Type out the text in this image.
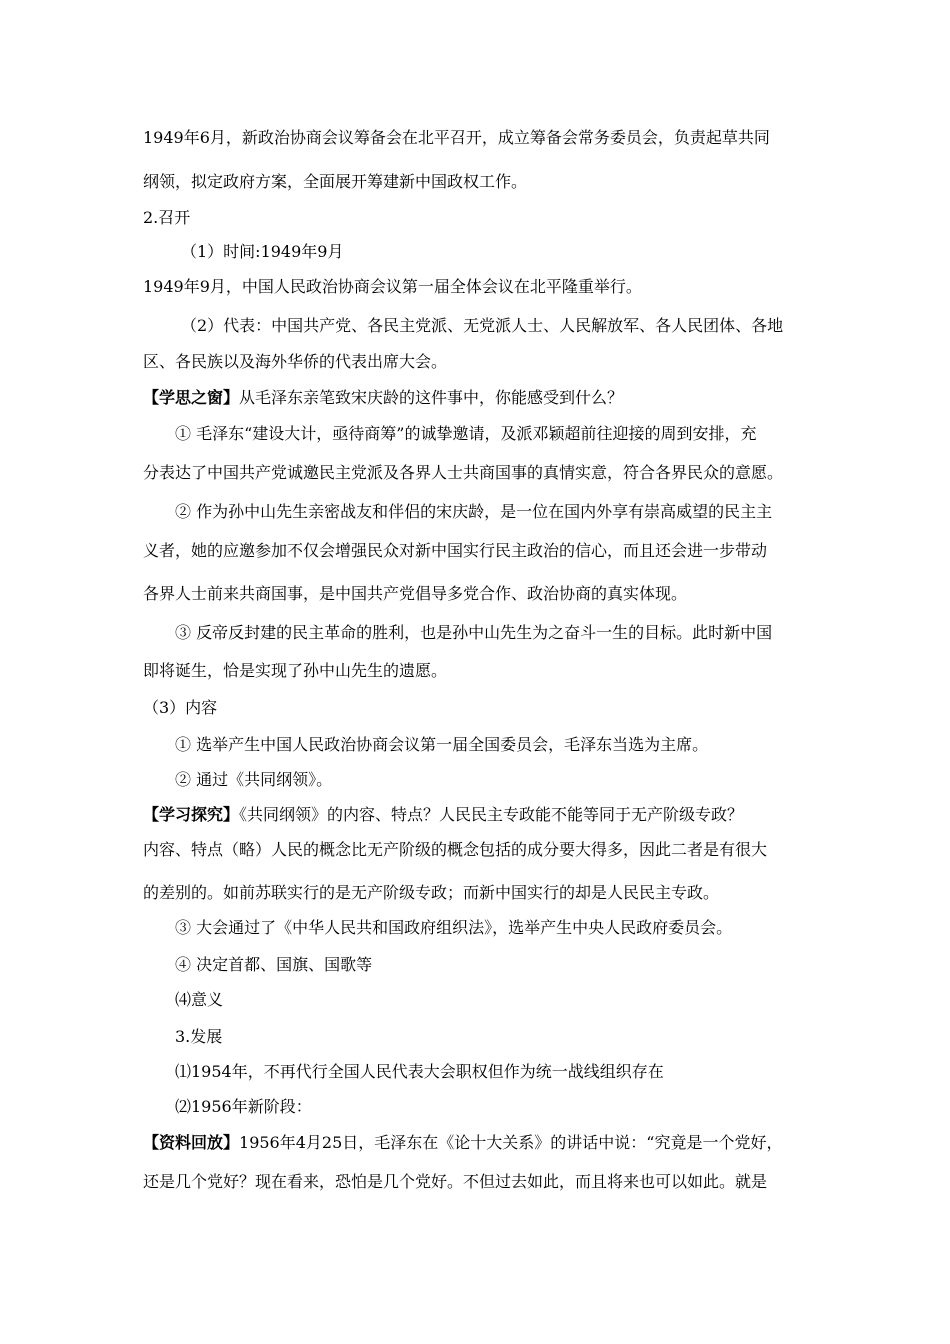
1949年6月，新政治协商会议筹备会在北平召开，成立筹备会常务委员会，负责起草共同
纲领，拟定政府方案，全面展开筹建新中国政权工作。
2.召开
（1）时间:1949年9月
1949年9月，中国人民政治协商会议第一届全体会议在北平隆重举行。
（2）代表：中国共产党、各民主党派、无党派人士、人民解放军、各人民团体、各地
区、各民族以及海外华侨的代表出席大会。
【学思之窗】从毛泽东亲笔致宋庆龄的这件事中，你能感受到什么？
① 毛泽东“建设大计，亟待商筹”的诚挚邀请，及派邓颖超前往迎接的周到安排，充
分表达了中国共产党诚邀民主党派及各界人士共商国事的真情实意，符合各界民众的意愿。
② 作为孙中山先生亲密战友和伴侣的宋庆龄，是一位在国内外享有崇高威望的民主主
义者，她的应邀参加不仅会增强民众对新中国实行民主政治的信心，而且还会进一步带动
各界人士前来共商国事，是中国共产党倡导多党合作、政治协商的真实体现。
③ 反帝反封建的民主革命的胜利，也是孙中山先生为之奋斗一生的目标。此时新中国
即将诞生，恰是实现了孙中山先生的遗愿。
（3）内容
① 选举产生中国人民政治协商会议第一届全国委员会，毛泽东当选为主席。
② 通过《共同纲领》。
【学习探究】《共同纲领》的内容、特点？人民民主专政能不能等同于无产阶级专政？
内容、特点（略）人民的概念比无产阶级的概念包括的成分要大得多，因此二者是有很大
的差别的。如前苏联实行的是无产阶级专政；而新中国实行的却是人民民主专政。
③ 大会通过了《中华人民共和国政府组织法》，选举产生中央人民政府委员会。
④ 决定首都、国旗、国歌等
⑷意义
3.发展
⑴1954年，不再代行全国人民代表大会职权但作为统一战线组织存在
⑵1956年新阶段：
【资料回放】1956年4月25日，毛泽东在《论十大关系》的讲话中说：“究竟是一个党好，
还是几个党好？现在看来，恐怕是几个党好。不但过去如此，而且将来也可以如此。就是
